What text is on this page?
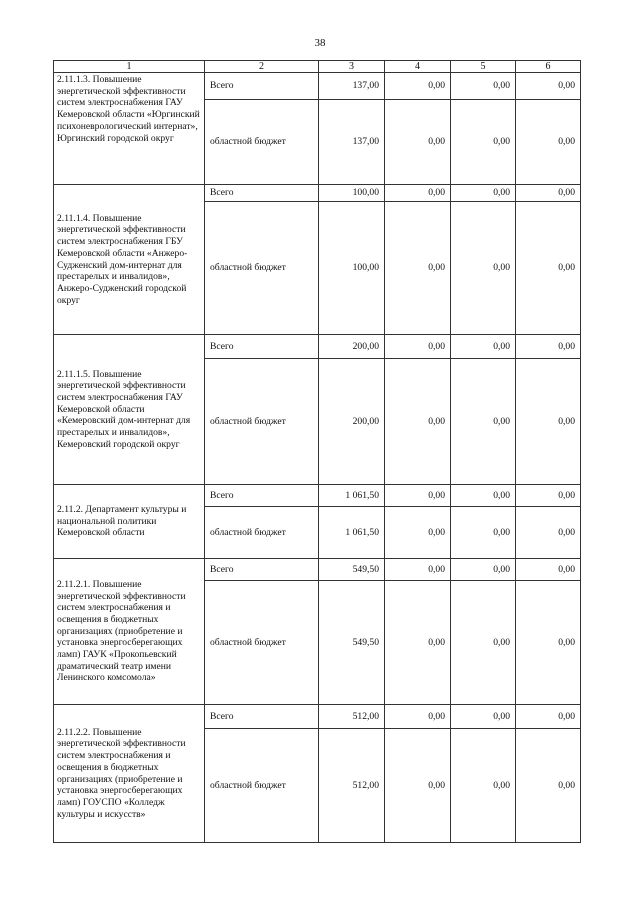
38
1	2	3	4	5	6
2.11.1.3. Повышение энергетической эффективности систем электроснабжения ГАУ Кемеровской области «Юргинский психоневрологический интернат», Юргинский городской округ	Всего	137,00	0,00	0,00	0,00
	областной бюджет	137,00	0,00	0,00	0,00
2.11.1.4. Повышение энергетической эффективности систем электроснабжения ГБУ Кемеровской области «Анжеро-Судженский дом-интернат для престарелых и инвалидов», Анжеро-Судженский городской округ	Всего	100,00	0,00	0,00	0,00
	областной бюджет	100,00	0,00	0,00	0,00
2.11.1.5. Повышение энергетической эффективности систем электроснабжения ГАУ Кемеровской области «Кемеровский дом-интернат для престарелых и инвалидов», Кемеровский городской округ	Всего	200,00	0,00	0,00	0,00
	областной бюджет	200,00	0,00	0,00	0,00
2.11.2. Департамент культуры и национальной политики Кемеровской области	Всего	1 061,50	0,00	0,00	0,00
	областной бюджет	1 061,50	0,00	0,00	0,00
2.11.2.1. Повышение энергетической эффективности систем электроснабжения и освещения в бюджетных организациях (приобретение и установка энергосберегающих ламп) ГАУК «Прокопьевский драматический театр имени Ленинского комсомола»	Всего	549,50	0,00	0,00	0,00
	областной бюджет	549,50	0,00	0,00	0,00
2.11.2.2. Повышение энергетической эффективности систем электроснабжения и освещения в бюджетных организациях (приобретение и установка энергосберегающих ламп) ГОУСПО «Колледж культуры и искусств»	Всего	512,00	0,00	0,00	0,00
	областной бюджет	512,00	0,00	0,00	0,00
